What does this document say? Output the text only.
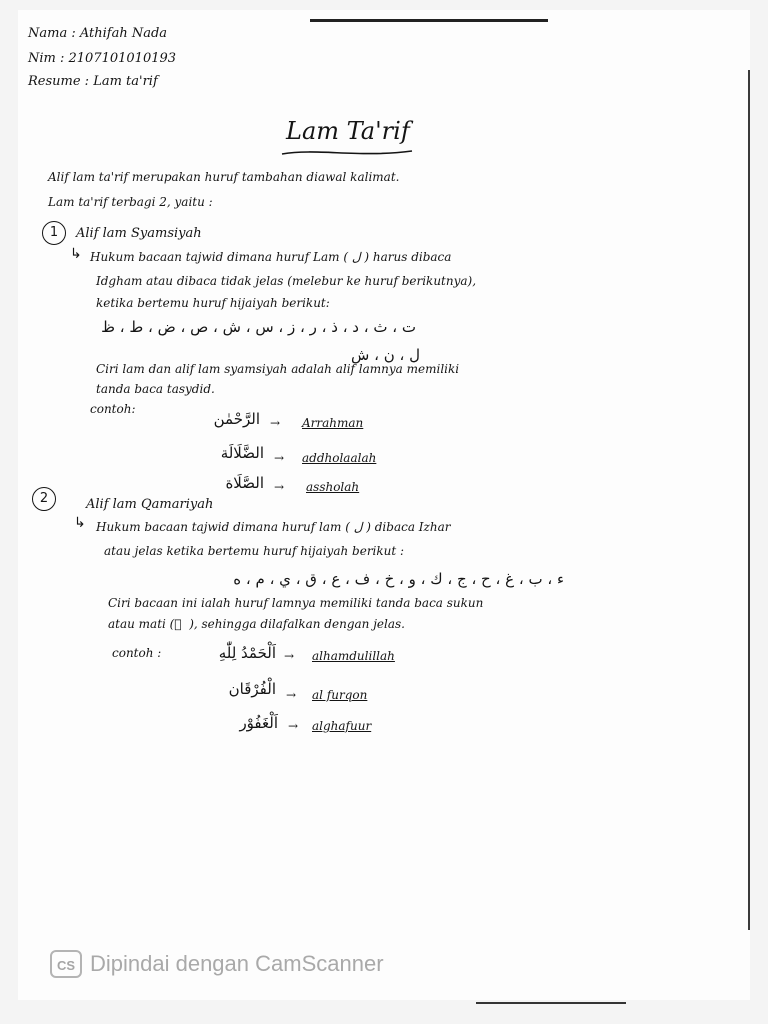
Nama : Athifah Nada
Nim : 2107101010193
Resume : Lam ta'rif
Lam Ta'rif
Alif lam ta'rif merupakan huruf tambahan diawal kalimat.
Lam ta'rif terbagi 2, yaitu :
1	Alif lam Syamsiyah
↳ Hukum bacaan tajwid dimana huruf Lam ( ل ) harus dibaca
Idgham atau dibaca tidak jelas (melebur ke huruf berikutnya),
ketika bertemu huruf hijaiyah berikut:
ت ، ث ، د ، ذ ، ر ، ز ، س ، ش ، ص ، ض ، ط ، ظ
ل ، ن ، ش
Ciri lam dan alif lam syamsiyah adalah alif lamnya memiliki
tanda baca tasydid.
contoh:
الرَّحْمٰن → Arrahman
الضَّلَالَة → addholaalah
الصَّلَاة → assholah
2	Alif lam Qamariyah
↳ Hukum bacaan tajwid dimana huruf lam ( ل ) dibaca Izhar
atau jelas ketika bertemu huruf hijaiyah berikut :
ء ، ب ، غ ، ح ، ج ، ك ، و ، خ ، ف ، ع ، ق ، ي ، م ، ه
Ciri bacaan ini ialah huruf lamnya memiliki tanda baca sukun
atau mati ( ْ ), sehingga dilafalkan dengan jelas.
contoh :	اَلْحَمْدُ لِلّٰهِ → alhamdulillah
الْفُرْقَان → al furqon
اَلْغَفُوْر → alghafuur
CS Dipindai dengan CamScanner
